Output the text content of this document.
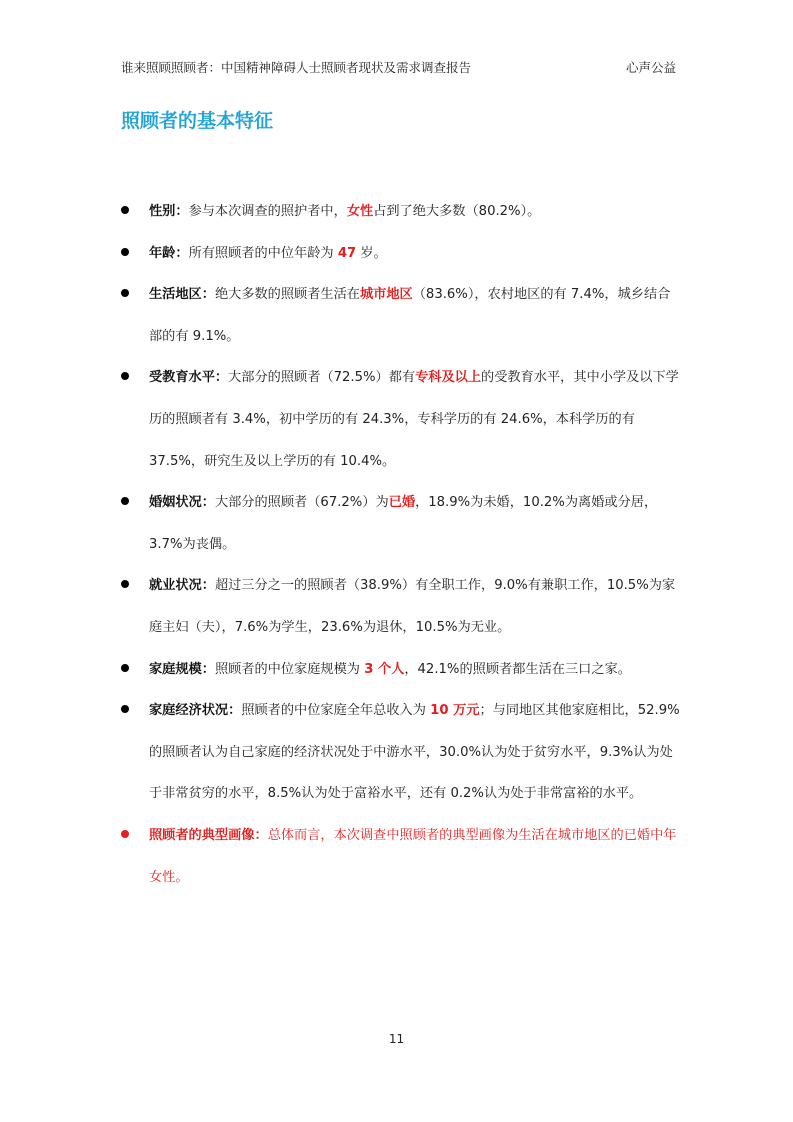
谁来照顾照顾者：中国精神障碍人士照顾者现状及需求调查报告	心声公益
照顾者的基本特征
性别：参与本次调查的照护者中，女性占到了绝大多数（80.2%）。
年龄：所有照顾者的中位年龄为 47 岁。
生活地区：绝大多数的照顾者生活在城市地区（83.6%），农村地区的有 7.4%，城乡结合部的有 9.1%。
受教育水平：大部分的照顾者（72.5%）都有专科及以上的受教育水平，其中小学及以下学历的照顾者有 3.4%，初中学历的有 24.3%，专科学历的有 24.6%，本科学历的有 37.5%，研究生及以上学历的有 10.4%。
婚姻状况：大部分的照顾者（67.2%）为已婚，18.9%为未婚，10.2%为离婚或分居，3.7%为丧偶。
就业状况：超过三分之一的照顾者（38.9%）有全职工作，9.0%有兼职工作，10.5%为家庭主妇（夫），7.6%为学生，23.6%为退休，10.5%为无业。
家庭规模：照顾者的中位家庭规模为 3 个人，42.1%的照顾者都生活在三口之家。
家庭经济状况：照顾者的中位家庭全年总收入为 10 万元；与同地区其他家庭相比，52.9%的照顾者认为自己家庭的经济状况处于中游水平，30.0%认为处于贫穷水平，9.3%认为处于非常贫穷的水平，8.5%认为处于富裕水平，还有 0.2%认为处于非常富裕的水平。
照顾者的典型画像：总体而言，本次调查中照顾者的典型画像为生活在城市地区的已婚中年女性。
11
